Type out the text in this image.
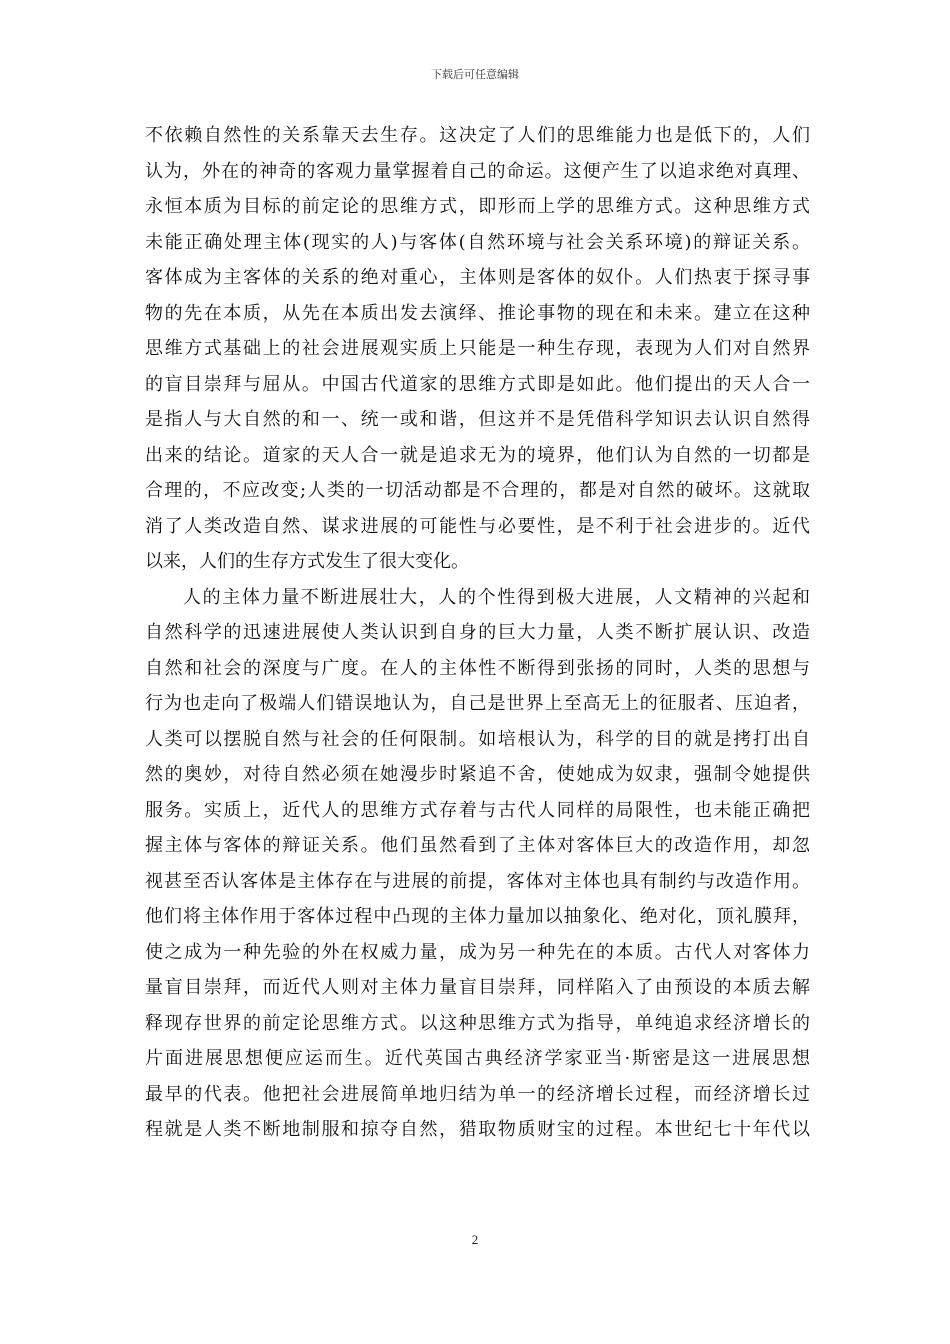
下载后可任意编辑
不依赖自然性的关系靠天去生存。这决定了人们的思维能力也是低下的，人们
认为，外在的神奇的客观力量掌握着自己的命运。这便产生了以追求绝对真理、
永恒本质为目标的前定论的思维方式，即形而上学的思维方式。这种思维方式
未能正确处理主体(现实的人)与客体(自然环境与社会关系环境)的辩证关系。
客体成为主客体的关系的绝对重心，主体则是客体的奴仆。人们热衷于探寻事
物的先在本质，从先在本质出发去演绎、推论事物的现在和未来。建立在这种
思维方式基础上的社会进展观实质上只能是一种生存现，表现为人们对自然界
的盲目崇拜与屈从。中国古代道家的思维方式即是如此。他们提出的天人合一
是指人与大自然的和一、统一或和谐，但这并不是凭借科学知识去认识自然得
出来的结论。道家的天人合一就是追求无为的境界，他们认为自然的一切都是
合理的，不应改变;人类的一切活动都是不合理的，都是对自然的破坏。这就取
消了人类改造自然、谋求进展的可能性与必要性，是不利于社会进步的。近代
以来，人们的生存方式发生了很大变化。
人的主体力量不断进展壮大，人的个性得到极大进展，人文精神的兴起和
自然科学的迅速进展使人类认识到自身的巨大力量，人类不断扩展认识、改造
自然和社会的深度与广度。在人的主体性不断得到张扬的同时，人类的思想与
行为也走向了极端人们错误地认为，自己是世界上至高无上的征服者、压迫者，
人类可以摆脱自然与社会的任何限制。如培根认为，科学的目的就是拷打出自
然的奥妙，对待自然必须在她漫步时紧追不舍，使她成为奴隶，强制令她提供
服务。实质上，近代人的思维方式存着与古代人同样的局限性，也未能正确把
握主体与客体的辩证关系。他们虽然看到了主体对客体巨大的改造作用，却忽
视甚至否认客体是主体存在与进展的前提，客体对主体也具有制约与改造作用。
他们将主体作用于客体过程中凸现的主体力量加以抽象化、绝对化，顶礼膜拜，
使之成为一种先验的外在权威力量，成为另一种先在的本质。古代人对客体力
量盲目崇拜，而近代人则对主体力量盲目崇拜，同样陷入了由预设的本质去解
释现存世界的前定论思维方式。以这种思维方式为指导，单纯追求经济增长的
片面进展思想便应运而生。近代英国古典经济学家亚当·斯密是这一进展思想
最早的代表。他把社会进展简单地归结为单一的经济增长过程，而经济增长过
程就是人类不断地制服和掠夺自然，猎取物质财宝的过程。本世纪七十年代以
2
